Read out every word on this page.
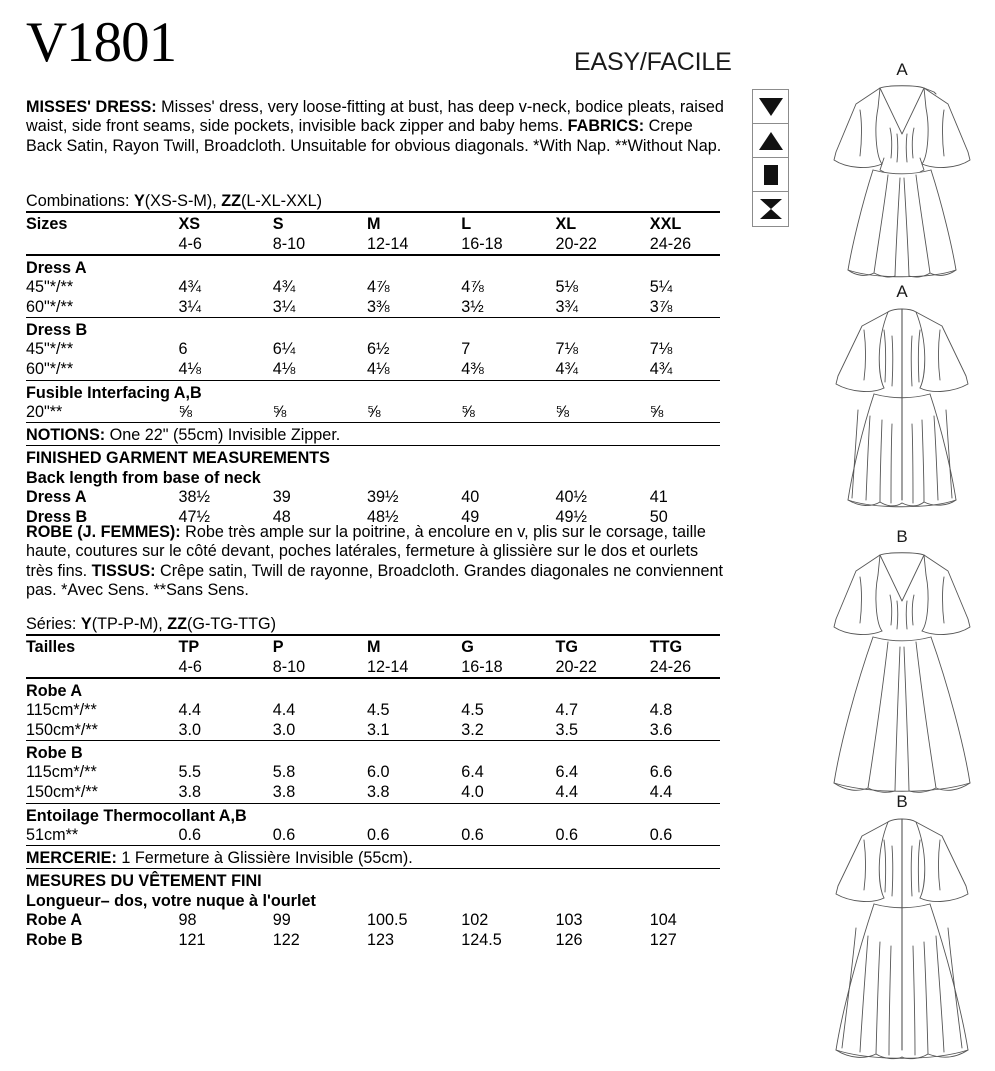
V1801	EASY/FACILE
MISSES' DRESS: Misses' dress, very loose-fitting at bust, has deep v-neck, bodice pleats, raised waist, side front seams, side pockets, invisible back zipper and baby hems. FABRICS: Crepe Back Satin, Rayon Twill, Broadcloth. Unsuitable for obvious diagonals. *With Nap. **Without Nap.
Combinations: Y(XS-S-M), ZZ(L-XL-XXL)
Sizes	XS	S	M	L	XL	XXL
	4-6	8-10	12-14	16-18	20-22	24-26
Dress A						
45"*/**	4¾	4¾	4⅞	4⅞	5⅛	5¼
60"*/**	3¼	3¼	3⅜	3½	3¾	3⅞
Dress B						
45"*/**	6	6¼	6½	7	7⅛	7⅛
60"*/**	4⅛	4⅛	4⅛	4⅜	4¾	4¾
Fusible Interfacing A,B						
20"**	⅝	⅝	⅝	⅝	⅝	⅝
NOTIONS: One 22" (55cm) Invisible Zipper.						
FINISHED GARMENT MEASUREMENTS						
Back length from base of neck						
Dress A	38½	39	39½	40	40½	41
Dress B	47½	48	48½	49	49½	50
ROBE (J. FEMMES): Robe très ample sur la poitrine, à encolure en v, plis sur le corsage, taille haute, coutures sur le côté devant, poches latérales, fermeture à glissière sur le dos et ourlets très fins. TISSUS: Crêpe satin, Twill de rayonne, Broadcloth. Grandes diagonales ne conviennent pas. *Avec Sens. **Sans Sens.
Séries: Y(TP-P-M), ZZ(G-TG-TTG)
Tailles	TP	P	M	G	TG	TTG
	4-6	8-10	12-14	16-18	20-22	24-26
Robe A						
115cm*/**	4.4	4.4	4.5	4.5	4.7	4.8
150cm*/**	3.0	3.0	3.1	3.2	3.5	3.6
Robe B						
115cm*/**	5.5	5.8	6.0	6.4	6.4	6.6
150cm*/**	3.8	3.8	3.8	4.0	4.4	4.4
Entoilage Thermocollant A,B						
51cm**	0.6	0.6	0.6	0.6	0.6	0.6
MERCERIE: 1 Fermeture à Glissière Invisible (55cm).						
MESURES DU VÊTEMENT FINI						
Longueur– dos, votre nuque à l'ourlet						
Robe A	98	99	100.5	102	103	104
Robe B	121	122	123	124.5	126	127
A
A
B
B
